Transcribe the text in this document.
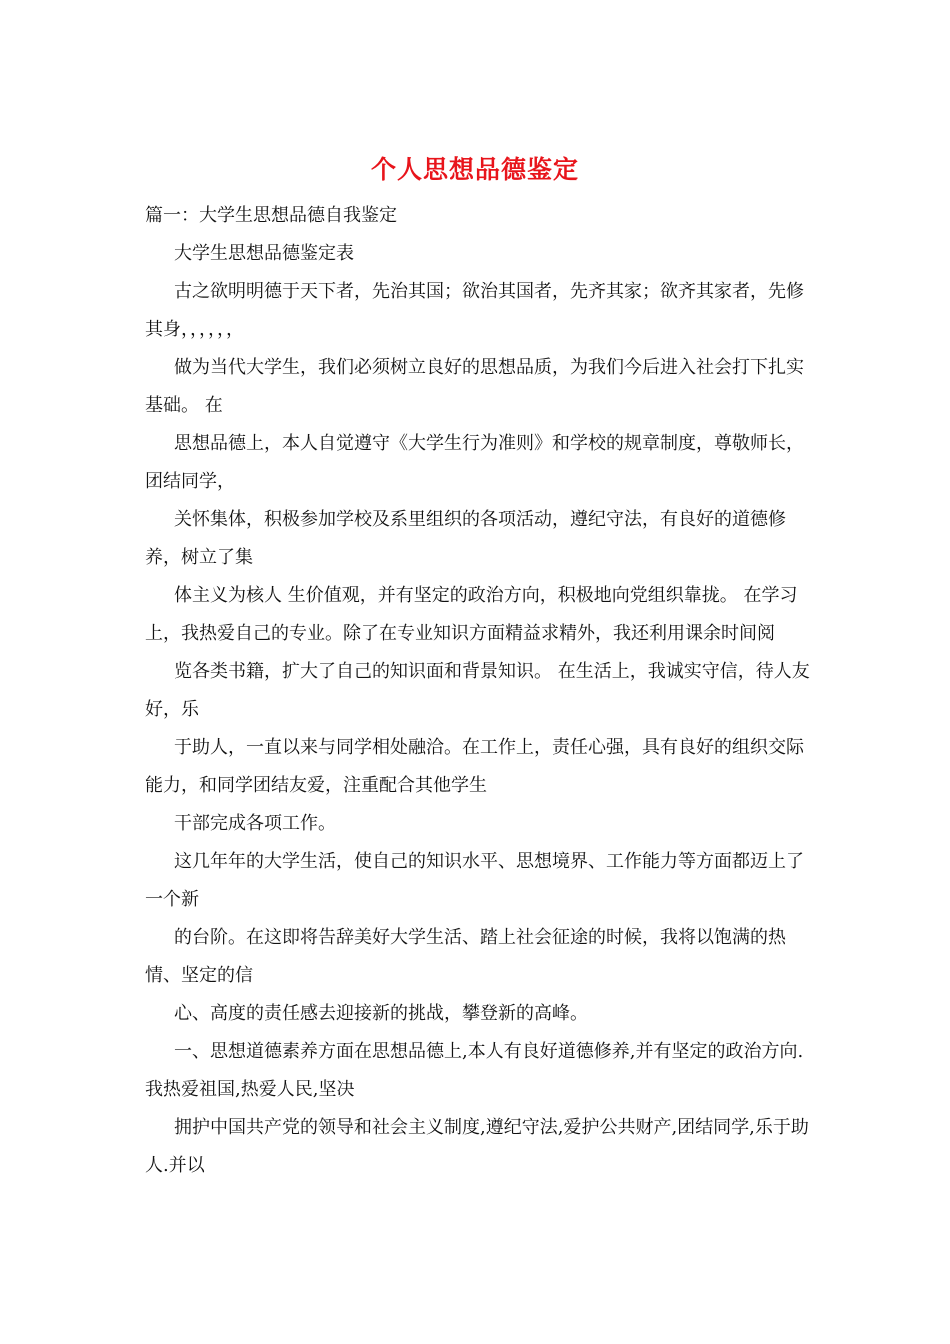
个人思想品德鉴定

篇一：大学生思想品德自我鉴定

大学生思想品德鉴定表

古之欲明明德于天下者，先治其国；欲治其国者，先齐其家；欲齐其家者，先修其身，，，，，，

做为当代大学生，我们必须树立良好的思想品质，为我们今后进入社会打下扎实基础。 在

思想品德上，本人自觉遵守《大学生行为准则》和学校的规章制度，尊敬师长，团结同学，

关怀集体，积极参加学校及系里组织的各项活动，遵纪守法，有良好的道德修养，树立了集

体主义为核人 生价值观，并有坚定的政治方向，积极地向党组织靠拢。 在学习上，我热爱自己的专业。除了在专业知识方面精益求精外，我还利用课余时间阅

览各类书籍，扩大了自己的知识面和背景知识。 在生活上，我诚实守信，待人友好，乐

于助人，一直以来与同学相处融洽。在工作上，责任心强，具有良好的组织交际能力，和同学团结友爱，注重配合其他学生

干部完成各项工作。

这几年年的大学生活，使自己的知识水平、思想境界、工作能力等方面都迈上了一个新

的台阶。在这即将告辞美好大学生活、踏上社会征途的时候，我将以饱满的热情、坚定的信

心、高度的责任感去迎接新的挑战，攀登新的高峰。

一、思想道德素养方面在思想品德上,本人有良好道德修养,并有坚定的政治方向.我热爱祖国,热爱人民,坚决

拥护中国共产党的领导和社会主义制度,遵纪守法,爱护公共财产,团结同学,乐于助人.并以
